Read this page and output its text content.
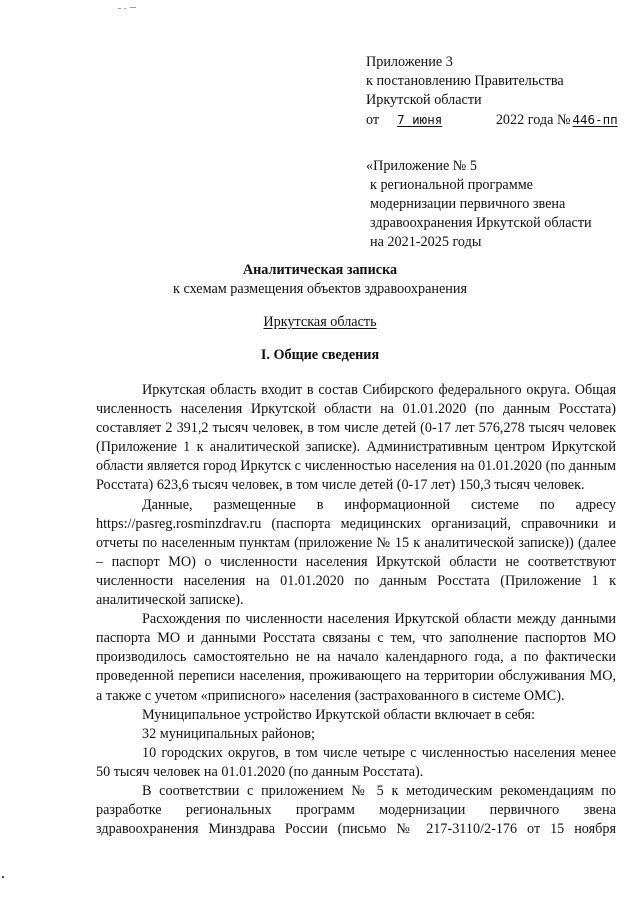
Приложение 3
к постановлению Правительства
Иркутской области
от 7 июня	2022 года № 446-пп
«Приложение № 5
к региональной программе
модернизации первичного звена
здравоохранения Иркутской области
на 2021-2025 годы
Аналитическая записка
к схемам размещения объектов здравоохранения
Иркутская область
I. Общие сведения

Иркутская область входит в состав Сибирского федерального округа. Общая численность населения Иркутской области на 01.01.2020 (по данным Росстата) составляет 2 391,2 тысяч человек, в том числе детей (0-17 лет 576,278 тысяч человек (Приложение 1 к аналитической записке). Административным центром Иркутской области является город Иркутск с численностью населения на 01.01.2020 (по данным Росстата) 623,6 тысяч человек, в том числе детей (0-17 лет) 150,3 тысяч человек.

Данные, размещенные в информационной системе по адресу https://pasreg.rosminzdrav.ru (паспорта медицинских организаций, справочники и отчеты по населенным пунктам (приложение № 15 к аналитической записке)) (далее – паспорт МО) о численности населения Иркутской области не соответствуют численности населения на 01.01.2020 по данным Росстата (Приложение 1 к аналитической записке).

Расхождения по численности населения Иркутской области между данными паспорта МО и данными Росстата связаны с тем, что заполнение паспортов МО производилось самостоятельно не на начало календарного года, а по фактически проведенной переписи населения, проживающего на территории обслуживания МО, а также с учетом «приписного» населения (застрахованного в системе ОМС).

Муниципальное устройство Иркутской области включает в себя:

32 муниципальных районов;

10 городских округов, в том числе четыре с численностью населения менее 50 тысяч человек на 01.01.2020 (по данным Росстата).

В соответствии с приложением № 5 к методическим рекомендациям по разработке региональных программ модернизации первичного звена здравоохранения Минздрава России (письмо № 217-3110/2-176 от 15 ноября
